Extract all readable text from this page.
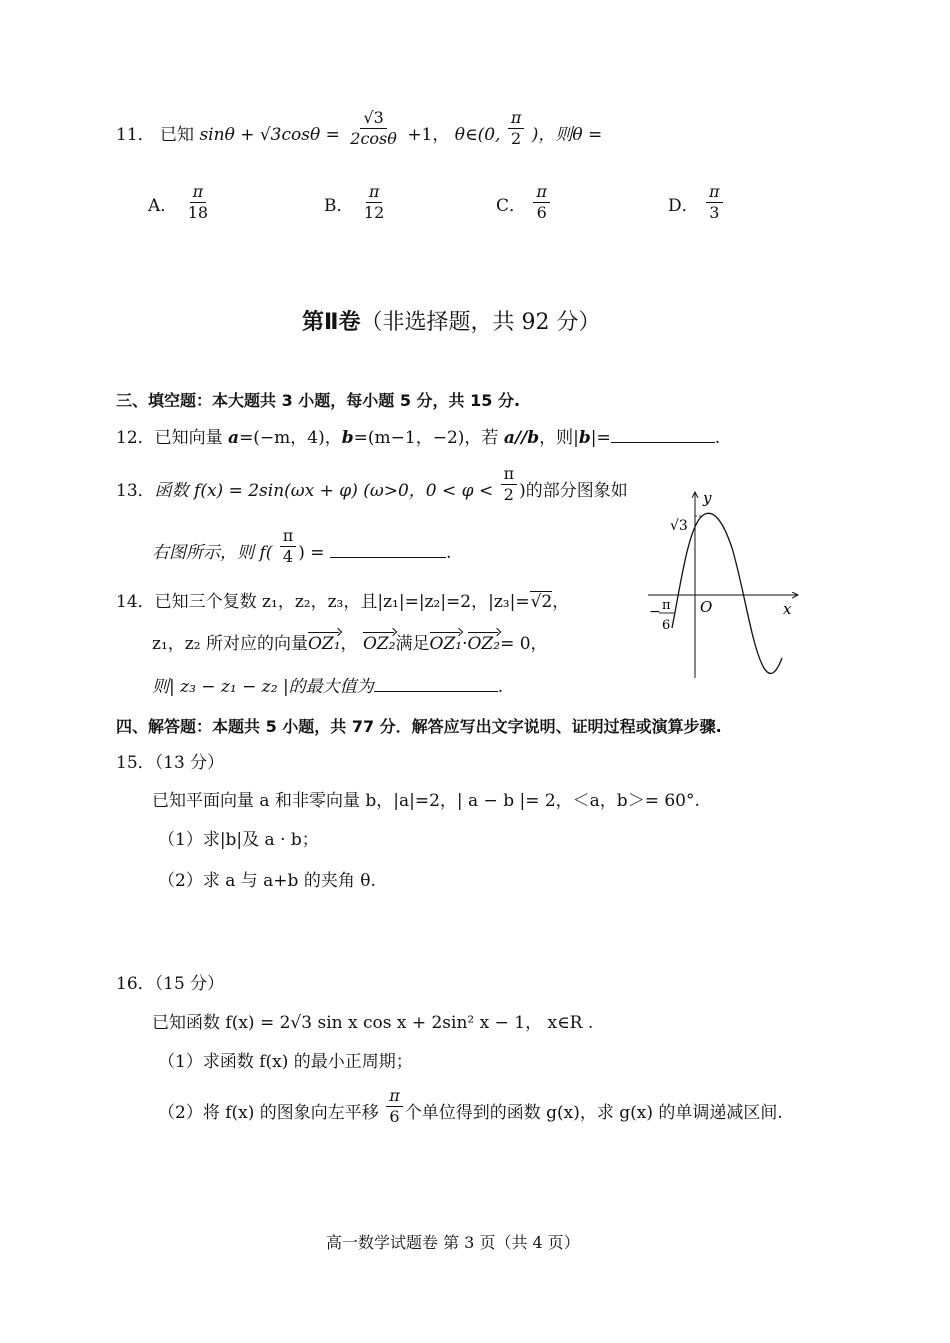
11． 已知 $\sin\theta + √3\cos\theta = \frac{√3}{2\cos\theta} +1$， θ∈(0, $\frac{\pi}{2}$ )，则θ =
A． $\frac{\pi}{18}$	B． $\frac{\pi}{12}$	C． $\frac{\pi}{6}$	D． $\frac{\pi}{3}$
第Ⅱ卷（非选择题，共 92 分）
三、填空题：本大题共 3 小题，每小题 5 分，共 15 分.
12．已知向量 a=(−m，4)，b=(m−1，−2)，若 a//b，则|b|=	.
13．函数 f(x) = 2sin(ωx + φ) (ω>0，$0 < \varphi < \frac{\pi}{2}$ )的部分图象如
右图所示，则 $f( \frac{\pi}{4}$ ) =	.
y
x
O
√3
− π
6
14．已知三个复数 z₁，z₂，z₃，且|z₁|=|z₂|=2，|z₃|=√2，
z₁，z₂ 所对应的向量OZ₁， OZ₂满足OZ₁·OZ₂= 0，
则| z₃ − z₁ − z₂ |的最大值为	.
四、解答题：本题共 5 小题，共 77 分．解答应写出文字说明、证明过程或演算步骤.
15．（13 分）
已知平面向量 a 和非零向量 b，|a|=2，| a − b |= 2，＜a，b＞= 60°.
（1）求|b|及 a · b；
（2）求 a 与 a+b 的夹角 θ.
16．（15 分）
已知函数 f(x) = 2√3 sin x cos x + 2sin² x − 1， x∈R .
（1）求函数 f(x) 的最小正周期；
（2）将 f(x) 的图象向左平移 $\frac{\pi}{6}$ 个单位得到的函数 g(x)，求 g(x) 的单调递减区间.
高一数学试题卷 第 3 页（共 4 页）
